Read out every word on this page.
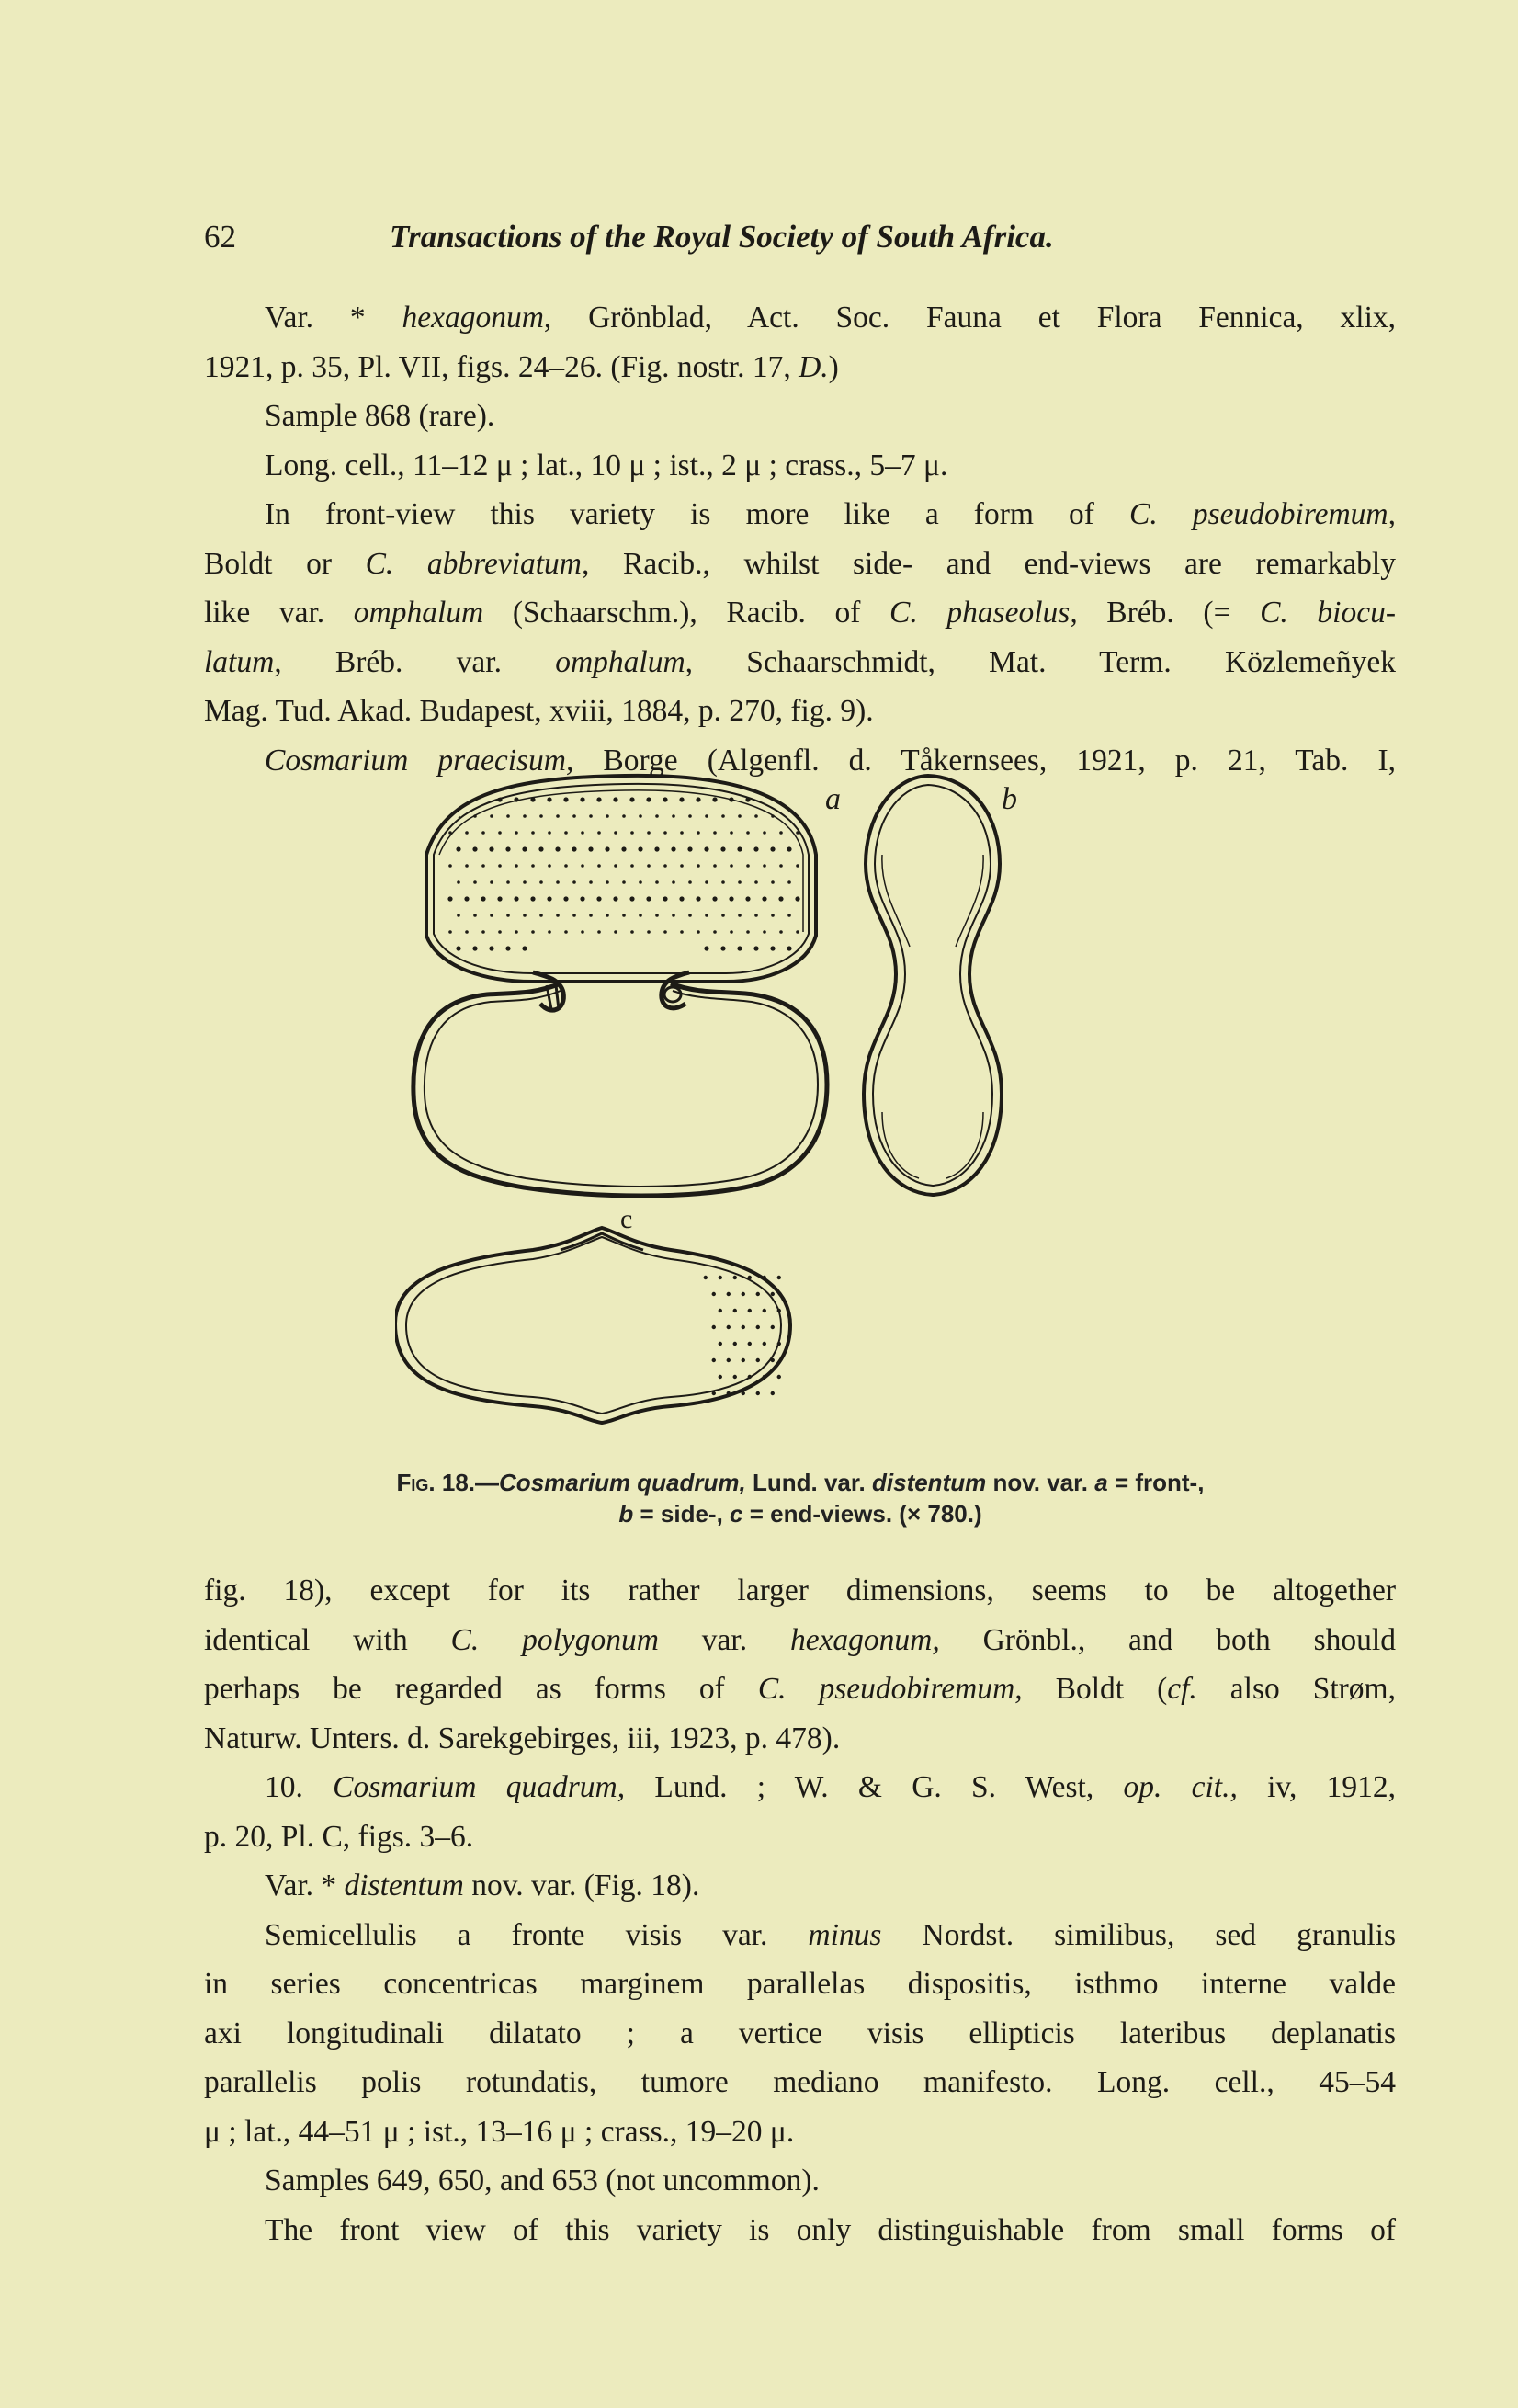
62	Transactions of the Royal Society of South Africa.

Var. * hexagonum, Grönblad, Act. Soc. Fauna et Flora Fennica, xlix,

1921, p. 35, Pl. VII, figs. 24–26. (Fig. nostr. 17, D.)

Sample 868 (rare).

Long. cell., 11–12 μ ; lat., 10 μ ; ist., 2 μ ; crass., 5–7 μ.

In front-view this variety is more like a form of C. pseudobiremum,

Boldt or C. abbreviatum, Racib., whilst side- and end-views are remarkably

like var. omphalum (Schaarschm.), Racib. of C. phaseolus, Bréb. (= C. biocu-

latum, Bréb. var. omphalum, Schaarschmidt, Mat. Term. Közlemeñyek

Mag. Tud. Akad. Budapest, xviii, 1884, p. 270, fig. 9).

Cosmarium praecisum, Borge (Algenfl. d. Tåkernsees, 1921, p. 21, Tab. I,

a	b
c
Fig. 18.—Cosmarium quadrum, Lund. var. distentum nov. var. a = front-,
b = side-, c = end-views. (× 780.)

fig. 18), except for its rather larger dimensions, seems to be altogether

identical with C. polygonum var. hexagonum, Grönbl., and both should

perhaps be regarded as forms of C. pseudobiremum, Boldt (cf. also Strøm,

Naturw. Unters. d. Sarekgebirges, iii, 1923, p. 478).

10. Cosmarium quadrum, Lund. ; W. & G. S. West, op. cit., iv, 1912,

p. 20, Pl. C, figs. 3–6.

Var. * distentum nov. var. (Fig. 18).

Semicellulis a fronte visis var. minus Nordst. similibus, sed granulis

in series concentricas marginem parallelas dispositis, isthmo interne valde

axi longitudinali dilatato ; a vertice visis ellipticis lateribus deplanatis

parallelis polis rotundatis, tumore mediano manifesto. Long. cell., 45–54

μ ; lat., 44–51 μ ; ist., 13–16 μ ; crass., 19–20 μ.

Samples 649, 650, and 653 (not uncommon).

The front view of this variety is only distinguishable from small forms of
